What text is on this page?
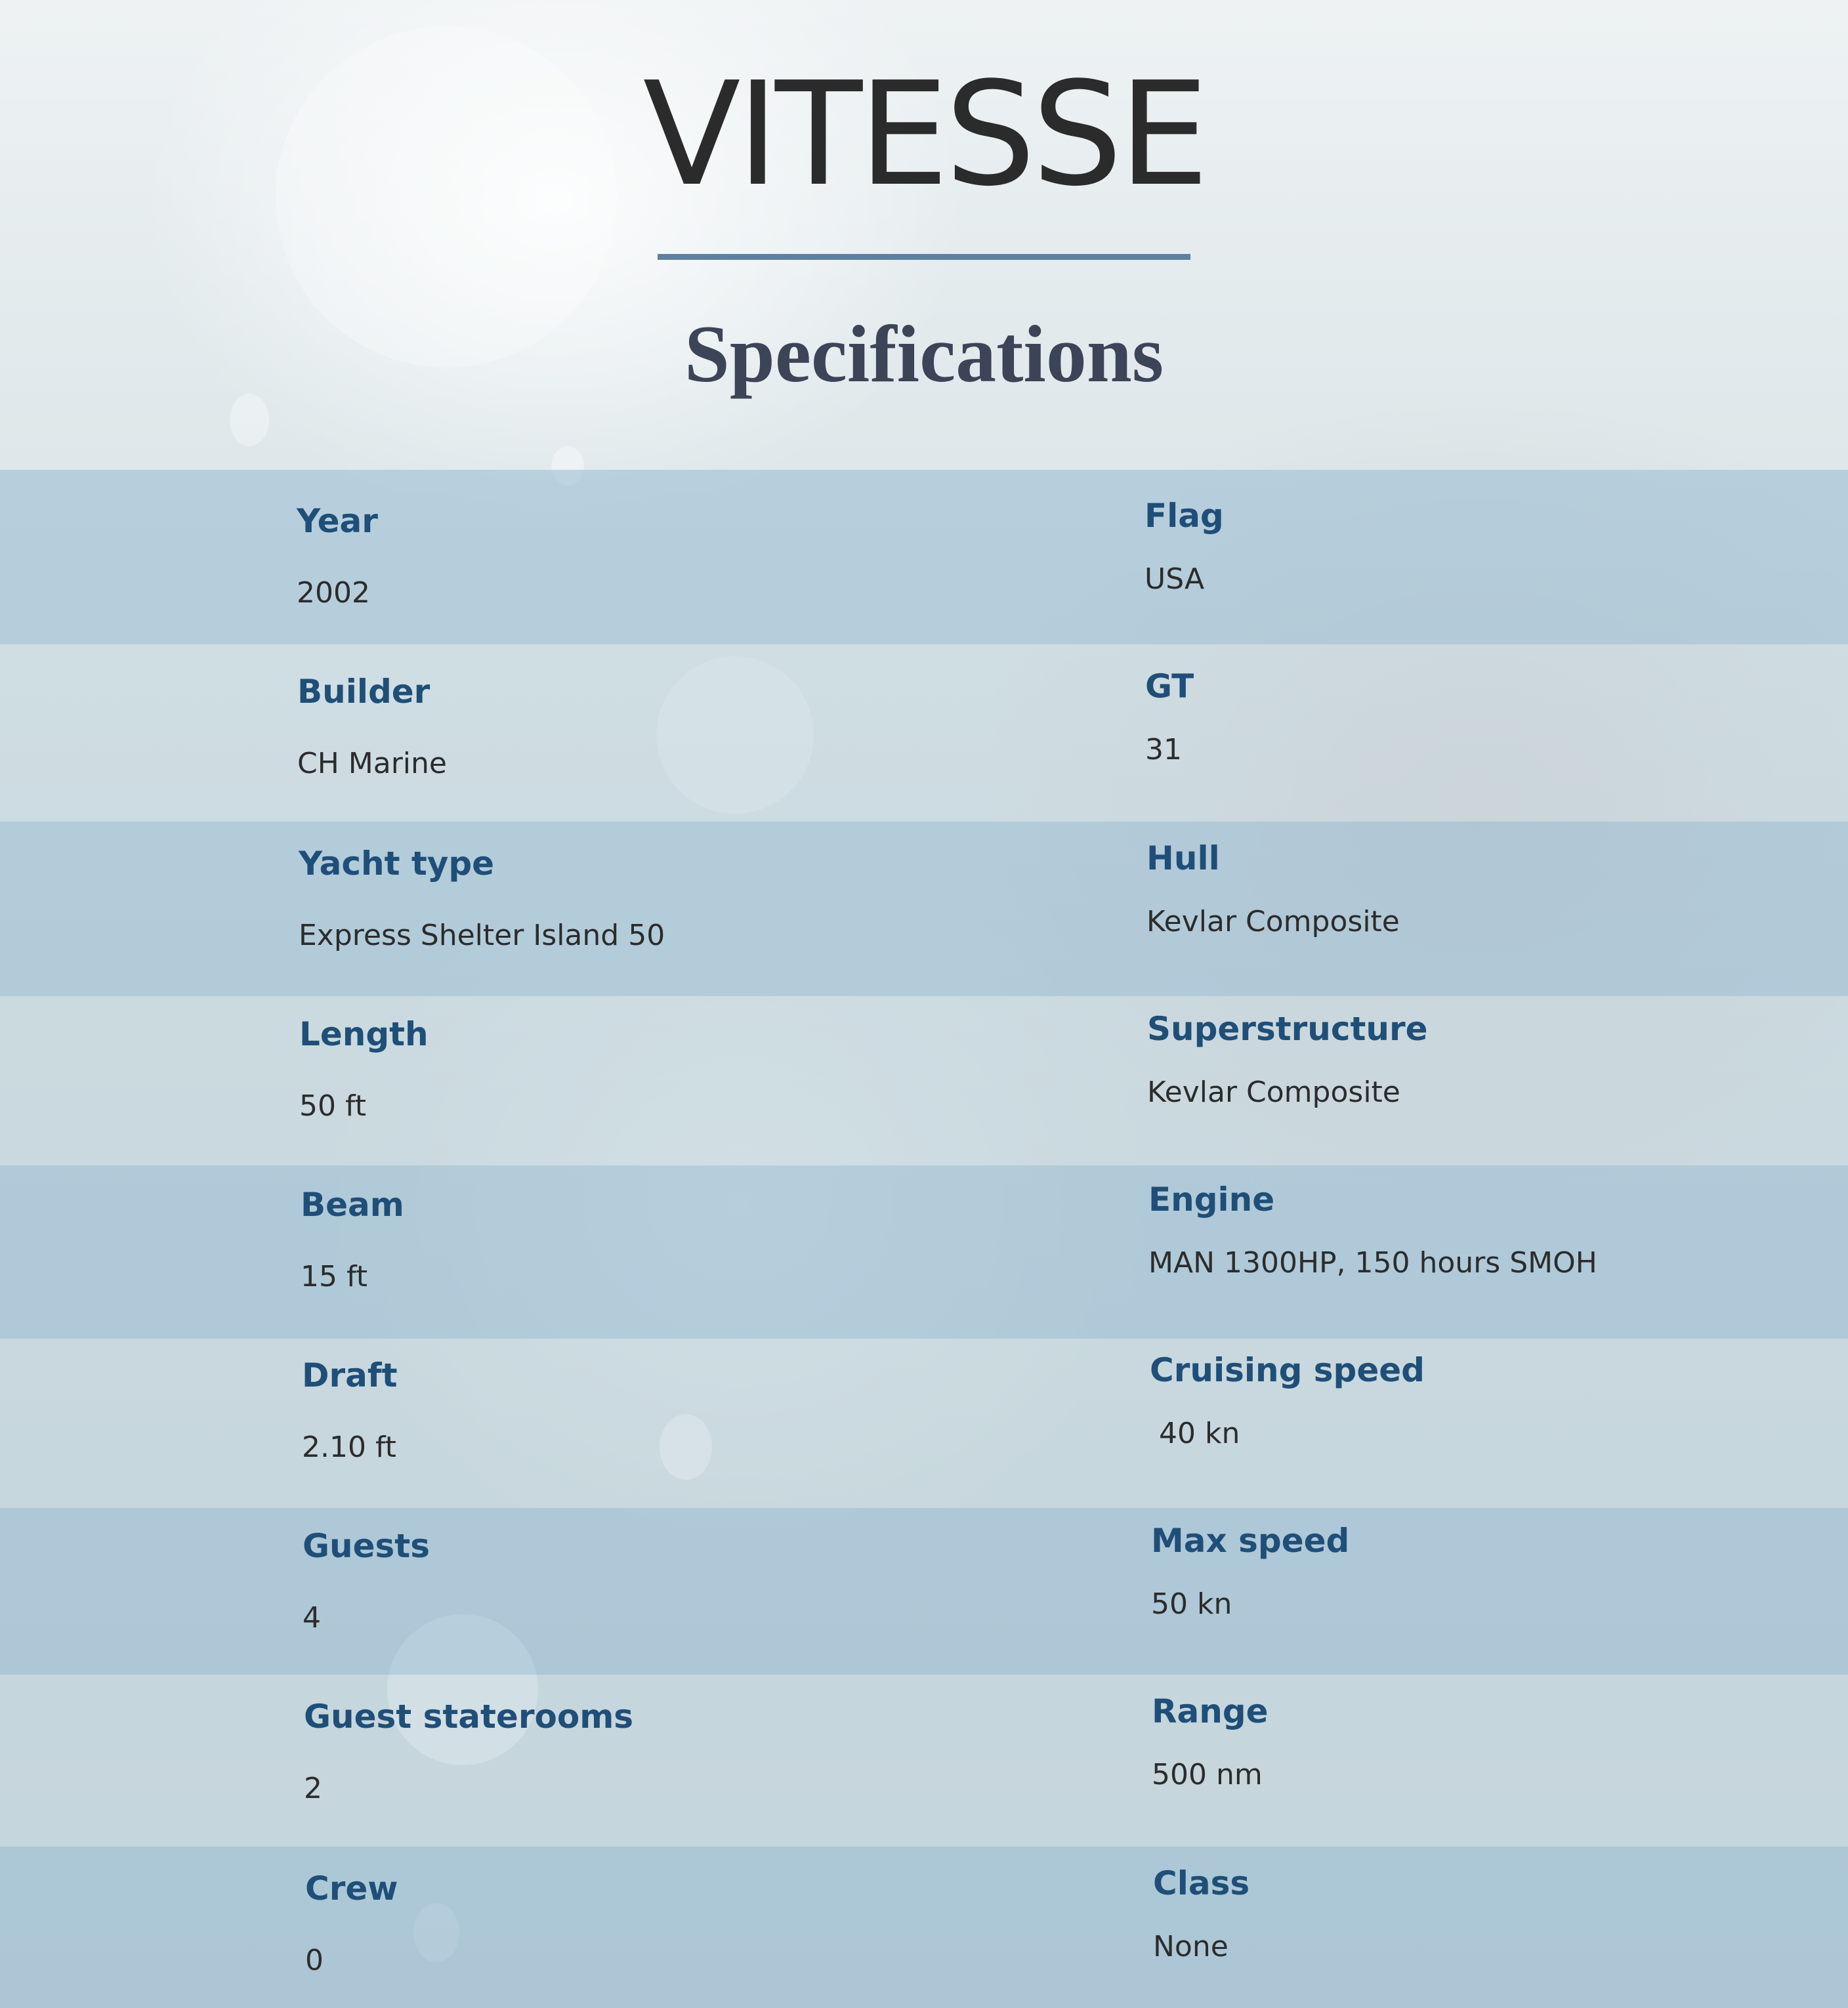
VITESSE
Specifications
Year
2002
Flag
USA
Builder
CH Marine
GT
31
Yacht type
Express Shelter Island 50
Hull
Kevlar Composite
Length
50 ft
Superstructure
Kevlar Composite
Beam
15 ft
Engine
MAN 1300HP, 150 hours SMOH
Draft
2.10 ft
Cruising speed
40 kn
Guests
4
Max speed
50 kn
Guest staterooms
2
Range
500 nm
Crew
0
Class
None
